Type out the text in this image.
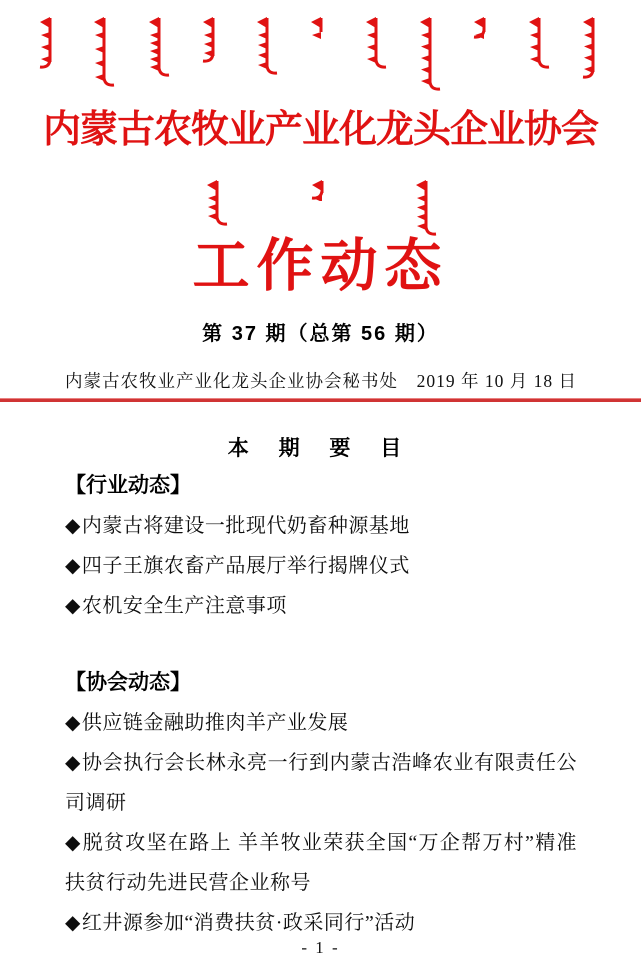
内蒙古农牧业产业化龙头企业协会
工作动态
第 37 期（总第 56 期）
内蒙古农牧业产业化龙头企业协会秘书处 2019 年 10 月 18 日
本 期 要 目
【行业动态】

◆内蒙古将建设一批现代奶畜种源基地

◆四子王旗农畜产品展厅举行揭牌仪式

◆农机安全生产注意事项

【协会动态】

◆供应链金融助推肉羊产业发展

◆协会执行会长林永亮一行到内蒙古浩峰农业有限责任公司调研

◆脱贫攻坚在路上 羊羊牧业荣获全国“万企帮万村”精准扶贫行动先进民营企业称号

◆红井源参加“消费扶贫·政采同行”活动

- 1 -
